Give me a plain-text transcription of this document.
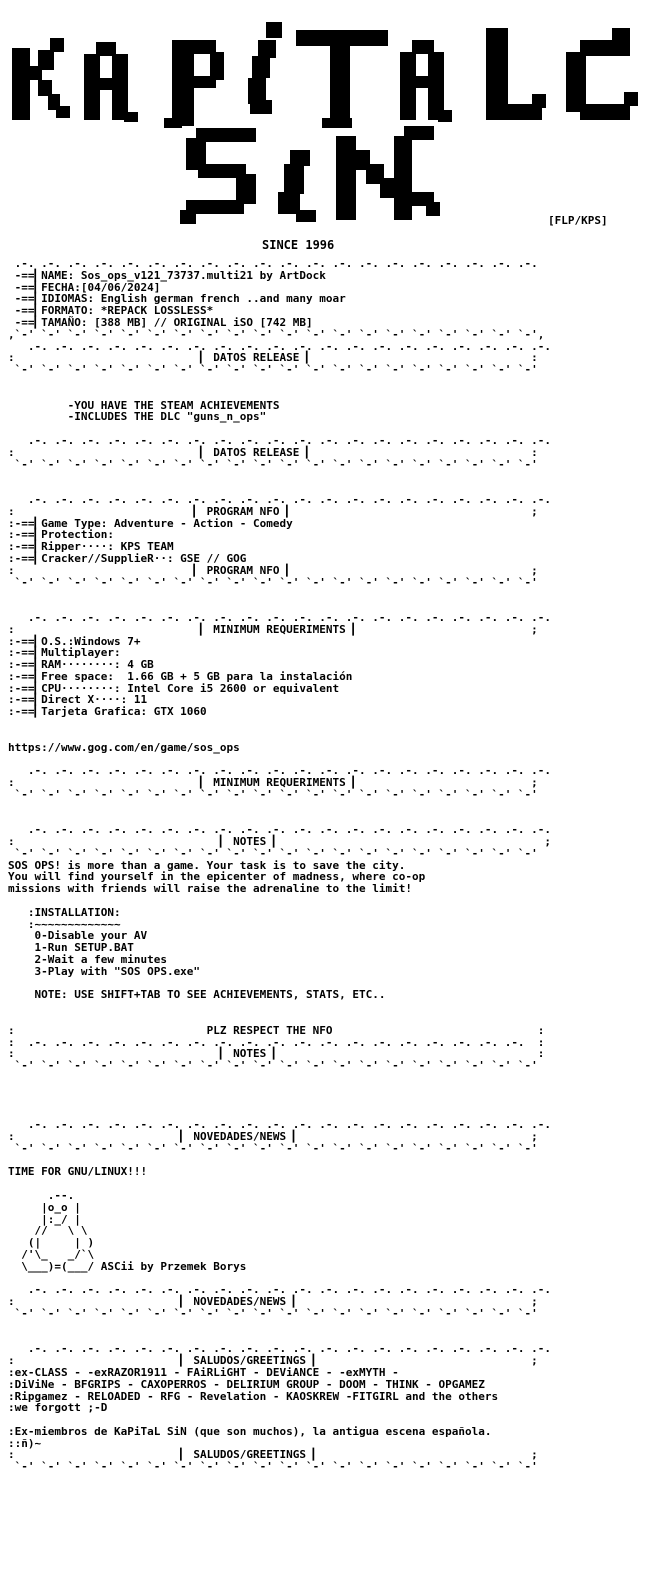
[FLP/KPS]
SINCE 1996
.-. .-. .-. .-. .-. .-. .-. .-. .-. .-. .-. .-. .-. .-. .-. .-. .-. .-. .-. .-.
-==▎NAME: Sos_ops_v121_73737.multi21 by ArtDock
-==▎FECHA:[04/06/2024]
-==▎IDIOMAS: English german french ..and many moar
-==▎FORMATO: *REPACK LOSSLESS*
-==▎TAMAÑO: [388 MB] // ORIGINAL iSO [742 MB]
,`-' `-' `-' `-' `-' `-' `-' `-' `-' `-' `-' `-' `-' `-' `-' `-' `-' `-' `-' `-',
.-. .-. .-. .-. .-. .-. .-. .-. .-. .-. .-. .-. .-. .-. .-. .-. .-. .-. .-. .-.
:                            ▎ DATOS RELEASE ▎                                 :
`-' `-' `-' `-' `-' `-' `-' `-' `-' `-' `-' `-' `-' `-' `-' `-' `-' `-' `-' `-'

-YOU HAVE THE STEAM ACHIEVEMENTS
-INCLUDES THE DLC "guns_n_ops"

.-. .-. .-. .-. .-. .-. .-. .-. .-. .-. .-. .-. .-. .-. .-. .-. .-. .-. .-. .-.
:                            ▎ DATOS RELEASE ▎                                 :
`-' `-' `-' `-' `-' `-' `-' `-' `-' `-' `-' `-' `-' `-' `-' `-' `-' `-' `-' `-'

.-. .-. .-. .-. .-. .-. .-. .-. .-. .-. .-. .-. .-. .-. .-. .-. .-. .-. .-. .-.
:                           ▎ PROGRAM NFO ▎                                    ;
:-==▎Game Type: Adventure - Action - Comedy
:-==▎Protection:
:-==▎Ripper····: KPS TEAM
:-==▎Cracker//SupplieR··: GSE // GOG
:                           ▎ PROGRAM NFO ▎                                    ;
`-' `-' `-' `-' `-' `-' `-' `-' `-' `-' `-' `-' `-' `-' `-' `-' `-' `-' `-' `-'

.-. .-. .-. .-. .-. .-. .-. .-. .-. .-. .-. .-. .-. .-. .-. .-. .-. .-. .-. .-.
:                            ▎ MINIMUM REQUERIMENTS ▎                          ;
:-==▎O.S.:Windows 7+
:-==▎Multiplayer:
:-==▎RAM········: 4 GB
:-==▎Free space:  1.66 GB + 5 GB para la instalación
:-==▎CPU········: Intel Core i5 2600 or equivalent
:-==▎Direct X····: 11
:-==▎Tarjeta Grafica: GTX 1060

https://www.gog.com/en/game/sos_ops

.-. .-. .-. .-. .-. .-. .-. .-. .-. .-. .-. .-. .-. .-. .-. .-. .-. .-. .-. .-.
:                            ▎ MINIMUM REQUERIMENTS ▎                          ;
`-' `-' `-' `-' `-' `-' `-' `-' `-' `-' `-' `-' `-' `-' `-' `-' `-' `-' `-' `-'

.-. .-. .-. .-. .-. .-. .-. .-. .-. .-. .-. .-. .-. .-. .-. .-. .-. .-. .-. .-.
:                               ▎ NOTES ▎                                        ;
`-' `-' `-' `-' `-' `-' `-' `-' `-' `-' `-' `-' `-' `-' `-' `-' `-' `-' `-' `-'
SOS OPS! is more than a game. Your task is to save the city.
You will find yourself in the epicenter of madness, where co-op
missions with friends will raise the adrenaline to the limit!

:INSTALLATION:
:~~~~~~~~~~~~~
0-Disable your AV
1-Run SETUP.BAT
2-Wait a few minutes
3-Play with "SOS OPS.exe"

NOTE: USE SHIFT+TAB TO SEE ACHIEVEMENTS, STATS, ETC..

:                             PLZ RESPECT THE NFO                               :
:  .-. .-. .-. .-. .-. .-. .-. .-. .-. .-. .-. .-. .-. .-. .-. .-. .-. .-. .-.  :
:                               ▎ NOTES ▎                                       :
`-' `-' `-' `-' `-' `-' `-' `-' `-' `-' `-' `-' `-' `-' `-' `-' `-' `-' `-' `-'

.-. .-. .-. .-. .-. .-. .-. .-. .-. .-. .-. .-. .-. .-. .-. .-. .-. .-. .-. .-.
:                         ▎ NOVEDADES/NEWS ▎                                   ;
`-' `-' `-' `-' `-' `-' `-' `-' `-' `-' `-' `-' `-' `-' `-' `-' `-' `-' `-' `-'

TIME FOR GNU/LINUX!!!

.--.
|o_o |
|:_/ |
//   \ \
(|     | )
/'\_   _/`\
\___)=(___/ ASCii by Przemek Borys

.-. .-. .-. .-. .-. .-. .-. .-. .-. .-. .-. .-. .-. .-. .-. .-. .-. .-. .-. .-.
:                         ▎ NOVEDADES/NEWS ▎                                   ;
`-' `-' `-' `-' `-' `-' `-' `-' `-' `-' `-' `-' `-' `-' `-' `-' `-' `-' `-' `-'

.-. .-. .-. .-. .-. .-. .-. .-. .-. .-. .-. .-. .-. .-. .-. .-. .-. .-. .-. .-.
:                         ▎ SALUDOS/GREETINGS ▎                                ;
:ex-CLASS - -exRAZOR1911 - FAiRLiGHT - DEViANCE - -exMYTH -
:DiViNe - BFGRIPS - CAXOPERROS - DELIRIUM GROUP - DOOM - THINK - OPGAMEZ
:Ripgamez - RELOADED - RFG - Revelation - KAOSKREW -FITGIRL and the others
:we forgott ;-D

:Ex-miembros de KaPiTaL SiN (que son muchos), la antigua escena española.
::ñ)~
:                         ▎ SALUDOS/GREETINGS ▎                                ;
`-' `-' `-' `-' `-' `-' `-' `-' `-' `-' `-' `-' `-' `-' `-' `-' `-' `-' `-' `-'
